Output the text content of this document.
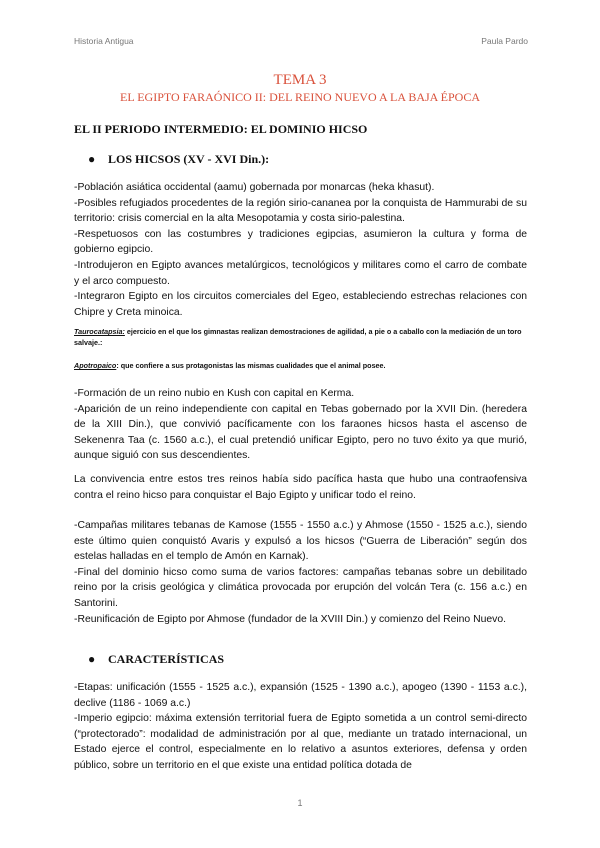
Historia Antigua	Paula Pardo
TEMA 3
EL EGIPTO FARAÓNICO II: DEL REINO NUEVO A LA BAJA ÉPOCA
EL II PERIODO INTERMEDIO: EL DOMINIO HICSO
● LOS HICSOS (XV - XVI Din.):

-Población asiática occidental (aamu) gobernada por monarcas (heka khasut).

-Posibles refugiados procedentes de la región sirio-cananea por la conquista de Hammurabi de su territorio: crisis comercial en la alta Mesopotamia y costa sirio-palestina.

-Respetuosos con las costumbres y tradiciones egipcias, asumieron la cultura y forma de gobierno egipcio.

-Introdujeron en Egipto avances metalúrgicos, tecnológicos y militares como el carro de combate y el arco compuesto.

-Integraron Egipto en los circuitos comerciales del Egeo, estableciendo estrechas relaciones con Chipre y Creta minoica.

Taurocatapsia: ejercicio en el que los gimnastas realizan demostraciones de agilidad, a pie o a caballo con la mediación de un toro salvaje.:
Apotropaico: que confiere a sus protagonistas las mismas cualidades que el animal posee.

-Formación de un reino nubio en Kush con capital en Kerma.

-Aparición de un reino independiente con capital en Tebas gobernado por la XVII Din. (heredera de la XIII Din.), que convivió pacíficamente con los faraones hicsos hasta el ascenso de Sekenenra Taa (c. 1560 a.c.), el cual pretendió unificar Egipto, pero no tuvo éxito ya que murió, aunque siguió con sus descendientes.

La convivencia entre estos tres reinos había sido pacífica hasta que hubo una contraofensiva contra el reino hicso para conquistar el Bajo Egipto y unificar todo el reino.

-Campañas militares tebanas de Kamose (1555 - 1550 a.c.) y Ahmose (1550 - 1525 a.c.), siendo este último quien conquistó Avaris y expulsó a los hicsos (“Guerra de Liberación” según dos estelas halladas en el templo de Amón en Karnak).

-Final del dominio hicso como suma de varios factores: campañas tebanas sobre un debilitado reino por la crisis geológica y climática provocada por erupción del volcán Tera (c. 156 a.c.) en Santorini.

-Reunificación de Egipto por Ahmose (fundador de la XVIII Din.) y comienzo del Reino Nuevo.

● CARACTERÍSTICAS

-Etapas: unificación (1555 - 1525 a.c.), expansión (1525 - 1390 a.c.), apogeo (1390 - 1153 a.c.), declive (1186 - 1069 a.c.)

-Imperio egipcio: máxima extensión territorial fuera de Egipto sometida a un control semi-directo (“protectorado”: modalidad de administración por al que, mediante un tratado internacional, un Estado ejerce el control, especialmente en lo relativo a asuntos exteriores, defensa y orden público, sobre un territorio en el que existe una entidad política dotada de

1
